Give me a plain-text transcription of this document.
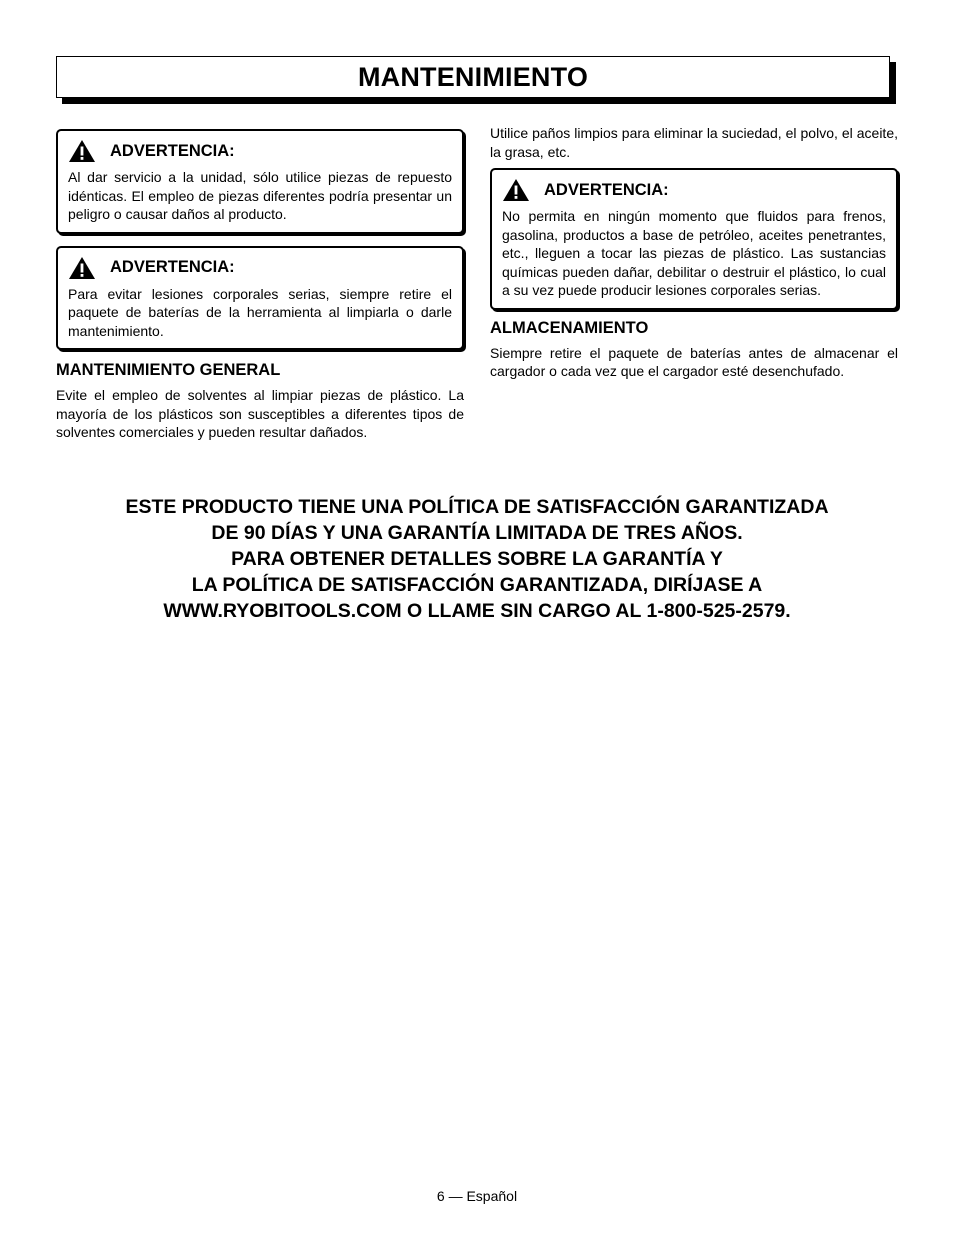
MANTENIMIENTO
ADVERTENCIA:
Al dar servicio a la unidad, sólo utilice piezas de repuesto idénticas. El empleo de piezas diferentes podría presentar un peligro o causar daños al producto.
ADVERTENCIA:
Para evitar lesiones corporales serias, siempre retire el paquete de baterías de la herramienta al limpiarla o darle mantenimiento.
MANTENIMIENTO GENERAL

Evite el empleo de solventes al limpiar piezas de plástico. La mayoría de los plásticos son susceptibles a diferentes tipos de solventes comerciales y pueden resultar dañados.

Utilice paños limpios para eliminar la suciedad, el polvo, el aceite, la grasa, etc.

ADVERTENCIA:
No permita en ningún momento que fluidos para frenos, gasolina, productos a base de petróleo, aceites penetrantes, etc., lleguen a tocar las piezas de plástico. Las sustancias químicas pueden dañar, debilitar o destruir el plástico, lo cual a su vez puede producir lesiones corporales serias.
ALMACENAMIENTO

Siempre retire el paquete de baterías antes de almacenar el cargador o cada vez que el cargador esté desenchufado.

ESTE PRODUCTO TIENE UNA POLÍTICA DE SATISFACCIÓN GARANTIZADA
DE 90 DÍAS Y UNA GARANTÍA LIMITADA DE TRES AÑOS.
PARA OBTENER DETALLES SOBRE LA GARANTÍA Y
LA POLÍTICA DE SATISFACCIÓN GARANTIZADA, DIRÍJASE A
WWW.RYOBITOOLS.COM O LLAME SIN CARGO AL 1-800-525-2579.
6 — Español
